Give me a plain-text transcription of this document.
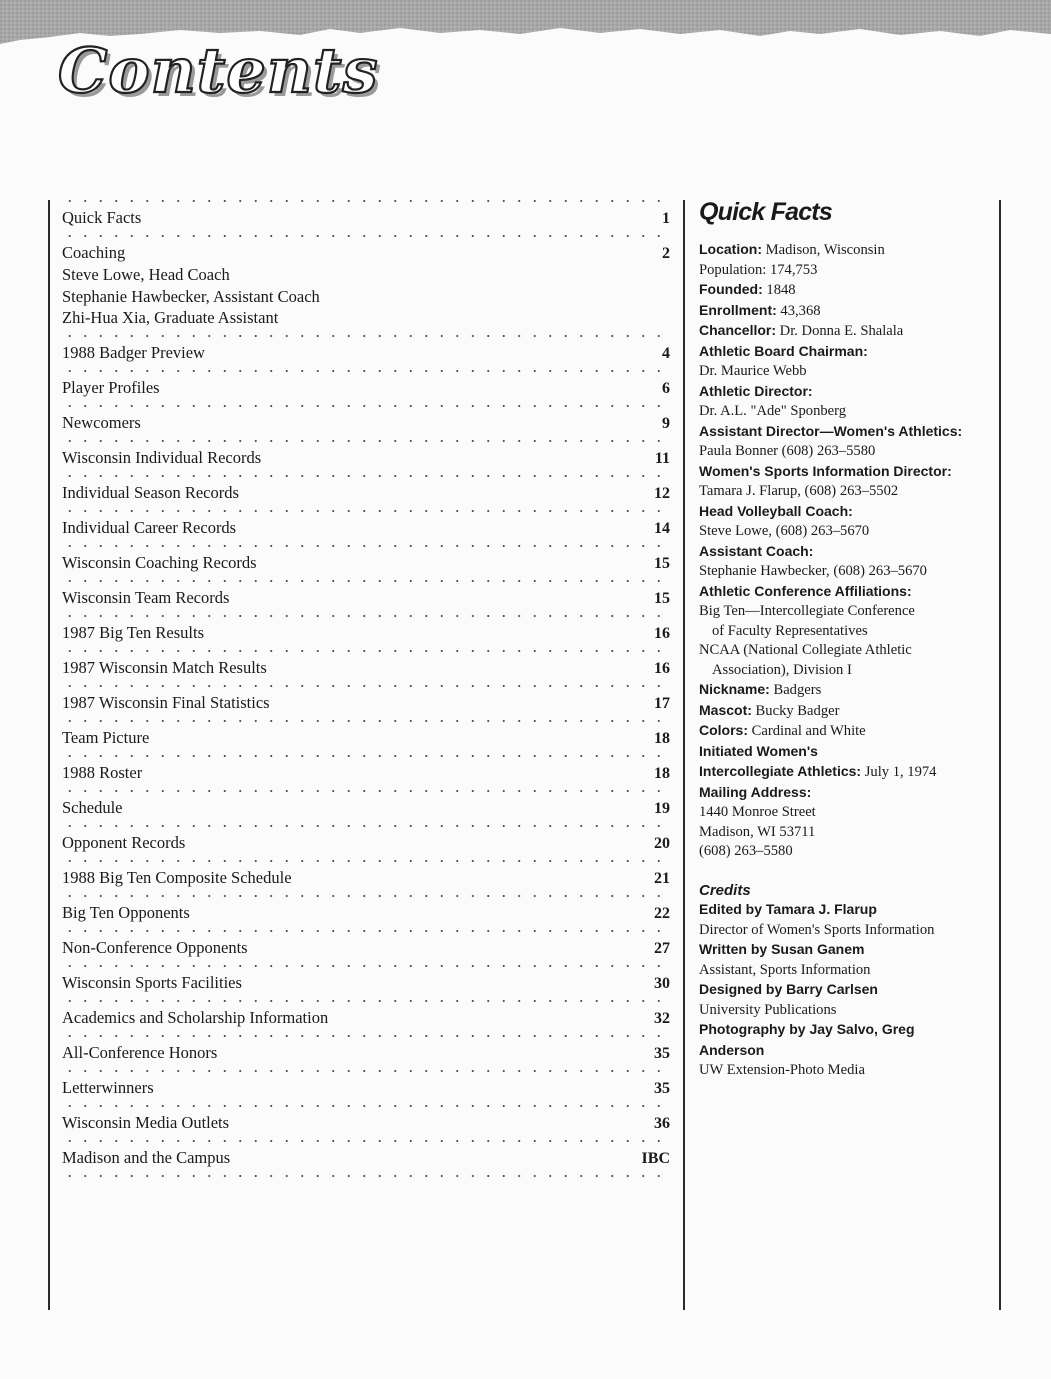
Contents
Quick Facts	1
Coaching	2
Steve Lowe, Head Coach
Stephanie Hawbecker, Assistant Coach
Zhi-Hua Xia, Graduate Assistant
1988 Badger Preview	4
Player Profiles	6
Newcomers	9
Wisconsin Individual Records	11
Individual Season Records	12
Individual Career Records	14
Wisconsin Coaching Records	15
Wisconsin Team Records	15
1987 Big Ten Results	16
1987 Wisconsin Match Results	16
1987 Wisconsin Final Statistics	17
Team Picture	18
1988 Roster	18
Schedule	19
Opponent Records	20
1988 Big Ten Composite Schedule	21
Big Ten Opponents	22
Non-Conference Opponents	27
Wisconsin Sports Facilities	30
Academics and Scholarship Information	32
All-Conference Honors	35
Letterwinners	35
Wisconsin Media Outlets	36
Madison and the Campus	IBC
Quick Facts
Location: Madison, Wisconsin
Population: 174,753
Founded: 1848
Enrollment: 43,368
Chancellor: Dr. Donna E. Shalala
Athletic Board Chairman:
Dr. Maurice Webb
Athletic Director:
Dr. A.L. "Ade" Sponberg
Assistant Director—Women's Athletics:
Paula Bonner (608) 263–5580
Women's Sports Information Director:
Tamara J. Flarup, (608) 263–5502
Head Volleyball Coach:
Steve Lowe, (608) 263–5670
Assistant Coach:
Stephanie Hawbecker, (608) 263–5670
Athletic Conference Affiliations:
Big Ten—Intercollegiate Conference
of Faculty Representatives
NCAA (National Collegiate Athletic
Association), Division I
Nickname: Badgers
Mascot: Bucky Badger
Colors: Cardinal and White
Initiated Women's
Intercollegiate Athletics: July 1, 1974
Mailing Address:
1440 Monroe Street
Madison, WI 53711
(608) 263–5580
Credits
Edited by Tamara J. Flarup
Director of Women's Sports Information
Written by Susan Ganem
Assistant, Sports Information
Designed by Barry Carlsen
University Publications
Photography by Jay Salvo, Greg
Anderson
UW Extension-Photo Media
